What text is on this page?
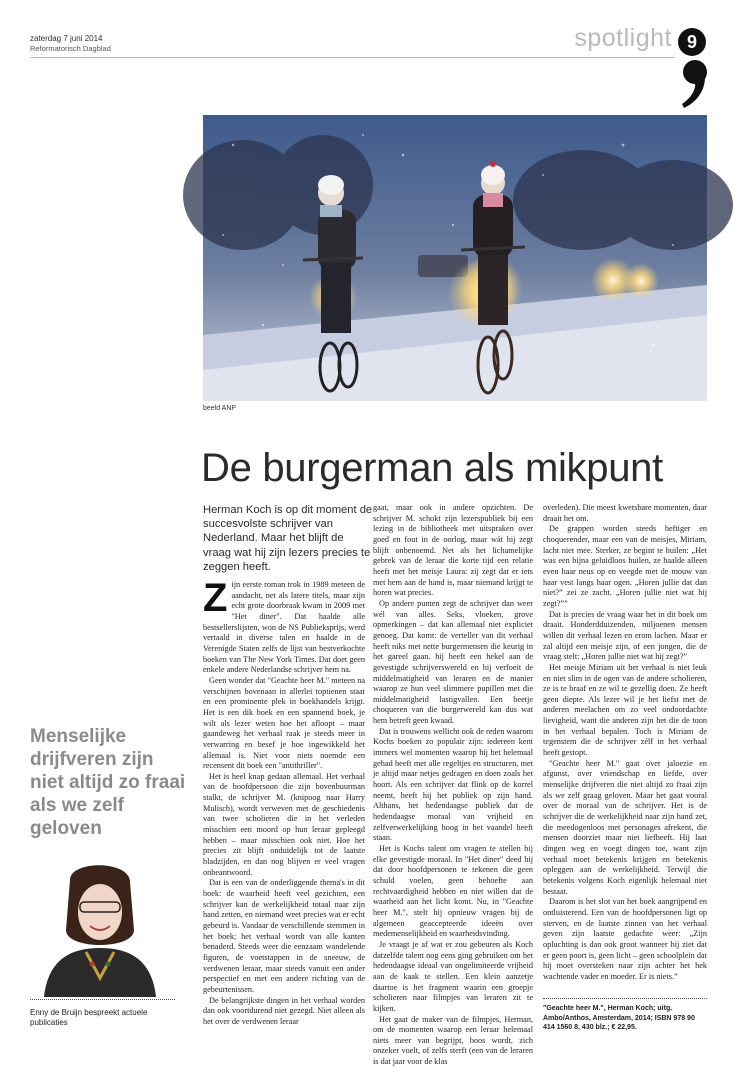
zaterdag 7 juni 2014
Reformatorisch Dagblad	spotlight 9
beeld ANP
De burgerman als mikpunt
Herman Koch is op dit moment de succesvolste schrijver van Nederland. Maar het blijft de vraag wat hij zijn lezers precies te zeggen heeft.

Zijn eerste roman trok in 1989 meteen de aandacht, net als latere titels, maar zijn echt grote doorbraak kwam in 2009 met "Het diner". Dat haalde alle bestsellerslijsten, won de NS Publieksprijs, werd vertaald in diverse talen en haalde in de Verenigde Staten zelfs de lijst van bestverkochte boeken van The New York Times. Dat doet geen enkele andere Nederlandse schrijver hem na.

Geen wonder dat "Geachte heer M." meteen na verschijnen bovenaan in allerlei toptienen staat en een prominente plek in boekhandels krijgt. Het is een dik boek en een spannend boek, je wilt als lezer weten hoe het afloopt – maar gaandeweg het verhaal raak je steeds meer in verwarring en besef je hoe ingewikkeld het allemaal is. Niet voor niets noemde een recensent dit boek een "antithriller".

Het is heel knap gedaan allemaal. Het verhaal van de hoofdpersoon die zijn bovenbuurman stalkt, de schrijver M. (knipoog naar Harry Mulisch), wordt verweven met de geschiedenis van twee scholieren die in het verleden misschien een moord op hun leraar gepleegd hebben – maar misschien ook niet. Hoe het precies zit blijft onduidelijk tot de laatste bladzijden, en dan nog blijven er veel vragen onbeantwoord.

Dat is een van de onderliggende thema's in dit boek: de waarheid heeft veel gezichten, een schrijver kan de werkelijkheid totaal naar zijn hand zetten, en niemand weet precies wat er echt gebeurd is. Vandaar de verschillende stemmen in het boek; het verhaal wordt van alle kanten benaderd. Steeds weer die eenzaam wandelende figuren, de voetstappen in de sneeuw, de verdwenen leraar, maar steeds vanuit een ander perspectief en met een andere richting van de gebeurtenissen.

De belangrijkste dingen in het verhaal worden dan ook voortdurend niet gezegd. Niet alleen als het over de verdwenen leraar

gaat, maar ook in andere opzichten. De schrijver M. schokt zijn lezerspubliek bij een lezing in de bibliotheek met uitspraken over goed en fout in de oorlog, maar wát hij zegt blijft onbenoemd. Net als het lichamelijke gebrek van de leraar die korte tijd een relatie heeft met het meisje Laura: zij zegt dat er iets met hem aan de hand is, maar niemand krijgt te horen wat precies.

Op andere punten zegt de schrijver dan weer wél van alles. Seks, vloeken, grove opmerkingen – dat kan allemaal niet expliciet genoeg. Dat komt: de verteller van dit verhaal heeft niks met nette burgermensen die keurig in het gareel gaan. hij heeft een hekel aan de gevestigde schrijverswereld en hij verfoeit de middelmatigheid van leraren en de manier waarop ze hun veel slimmere pupillen met die middelmatigheid lastigvallen. Een beetje choqueren van die burgerwereld kan dus wat hem betreft geen kwaad.

Dat is trouwens wellicht ook de reden waarom Kochs boeken zo populair zijn: iedereen kent immers wel momenten waarop hij het helemaal gehad heeft met alle regeltjes en structuren, met je altijd maar netjes gedragen en doen zoals het hoort. Als een schrijver dat flink op de korrel neemt, heeft hij het publiek op zijn hand. Althans, het hedendaagse publiek dat de hedendaagse moraal van vrijheid en zelfverwerkelijking hoog in het vaandel heeft staan.

Het is Kochs talent om vragen te stellen bij elke gevestigde moraal. In "Het diner" deed hij dat door hoofdpersonen te tekenen die geen schuld voelen, geen behoefte aan rechtvaardigheid hebben en niet willen dat de waarheid aan het licht komt. Nu, in "Geachte heer M.", stelt hij opnieuw vragen bij de algemeen geaccepteerde ideeën over medemenselijkheid en waarheidsvinding.

Je vraagt je af wat er zou gebeuren als Koch datzelfde talent nog eens ging gebruiken om het hedendaagse ideaal van ongelimiteerde vrijheid aan de kaak te stellen. Een klein aanzetje daartoe is het fragment waarin een groepje scholieren naar filmpjes van leraren zit te kijken.

Het gaat de maker van de filmpjes, Herman, om de momenten waarop een leraar helemaal niets meer van begrijpt, boos wordt, zich onzeker voelt, of zelfs sterft (een van de leraren is dat jaar voor de klas

overleden). Die meest kwetsbare momenten, daar draait het om.

De grappen worden steeds heftiger en choquerender, maar een van de meisjes, Miriam, lacht niet mee. Sterker, ze begint te huilen: „Het was een bijna geluidloos huilen, ze haalde alleen even haar neus op en veegde met de mouw van haar vest langs haar ogen. „Horen jullie dat dan niet?” zei ze zacht. „Horen jullie niet wat hij zegt?””

Dat is precies de vraag waar het in dit boek om draait. Honderdduizenden, miljoenen mensen willen dit verhaal lezen en erom lachen. Maar er zal altijd een meisje zijn, of een jongen, die de vraag stelt: „Horen jullie niet wat hij zegt?”

Het meisje Miriam uit het verhaal is niet leuk en niet slim in de ogen van de andere scholieren, ze is te braaf en ze wil te gezellig doen. Ze heeft geen diepte. Als lezer wil je het liefst met de anderen meelachen om zo veel ondoordachte lievigheid, want die anderen zijn het die de toon in het verhaal bepalen. Toch is Miriam de tegenstem die de schrijver zélf in het verhaal heeft gestopt.

"Geachte heer M." gaat over jaloezie en afgunst, over vriendschap en liefde, over menselijke drijfveren die niet altijd zo fraai zijn als we zelf graag geloven. Maar het gaat vooral over de moraal van de schrijver. Het is de schrijver die de werkelijkheid naar zijn hand zet, die meedogenloos met personages afrekent, die mensen doorziet maar niet liefheeft. Hij laat dingen weg en voegt dingen toe, want zijn verhaal moet betekenis krijgen en betekenis opleggen aan de werkelijkheid. Terwijl die betekenis volgens Koch eigenlijk helemaal niet bestaat.

Daarom is het slot van het boek aangrijpend en ontluisterend. Een van de hoofdpersonen ligt op sterven, en de laatste zinnen van het verhaal geven zijn laatste gedachte weer: „Zijn opluchting is dan ook groot wanneer hij ziet dat er geen poort is, geen licht – geen schoolplein dat hij moet oversteken naar zijn achter het hek wachtende vader en moeder. Er is niets.”

Menselijke drijfveren zijn niet altijd zo fraai als we zelf geloven
Enny de Bruijn bespreekt actuele publicaties
"Geachte heer M.", Herman Koch; uitg. Ambo/Anthos, Amsterdam, 2014; ISBN 978 90 414 1560 8, 430 blz.; € 22,95.
